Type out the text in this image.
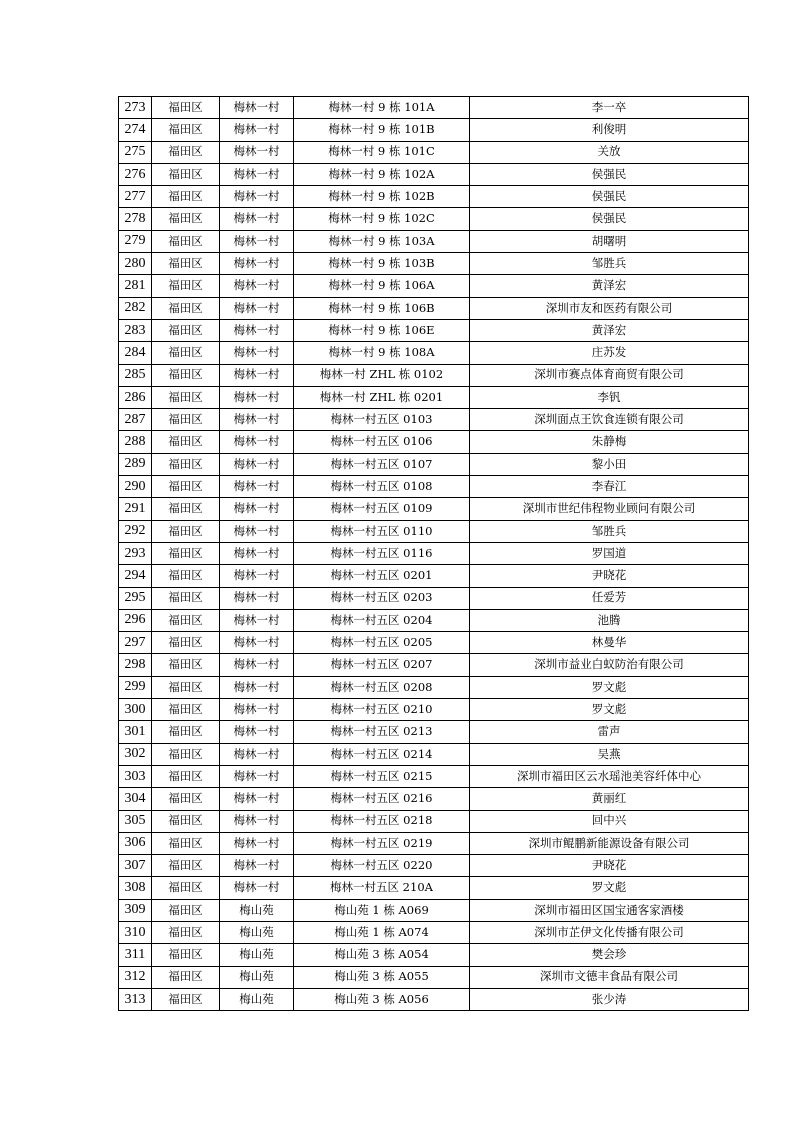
273	福田区	梅林一村	梅林一村 9 栋 101A	李一卒
274	福田区	梅林一村	梅林一村 9 栋 101B	利俊明
275	福田区	梅林一村	梅林一村 9 栋 101C	关放
276	福田区	梅林一村	梅林一村 9 栋 102A	侯强民
277	福田区	梅林一村	梅林一村 9 栋 102B	侯强民
278	福田区	梅林一村	梅林一村 9 栋 102C	侯强民
279	福田区	梅林一村	梅林一村 9 栋 103A	胡曙明
280	福田区	梅林一村	梅林一村 9 栋 103B	邹胜兵
281	福田区	梅林一村	梅林一村 9 栋 106A	黄泽宏
282	福田区	梅林一村	梅林一村 9 栋 106B	深圳市友和医药有限公司
283	福田区	梅林一村	梅林一村 9 栋 106E	黄泽宏
284	福田区	梅林一村	梅林一村 9 栋 108A	庄苏发
285	福田区	梅林一村	梅林一村 ZHL 栋 0102	深圳市赛点体育商贸有限公司
286	福田区	梅林一村	梅林一村 ZHL 栋 0201	李钒
287	福田区	梅林一村	梅林一村五区 0103	深圳面点王饮食连锁有限公司
288	福田区	梅林一村	梅林一村五区 0106	朱静梅
289	福田区	梅林一村	梅林一村五区 0107	黎小田
290	福田区	梅林一村	梅林一村五区 0108	李春江
291	福田区	梅林一村	梅林一村五区 0109	深圳市世纪伟程物业顾问有限公司
292	福田区	梅林一村	梅林一村五区 0110	邹胜兵
293	福田区	梅林一村	梅林一村五区 0116	罗国道
294	福田区	梅林一村	梅林一村五区 0201	尹晓花
295	福田区	梅林一村	梅林一村五区 0203	任爱芳
296	福田区	梅林一村	梅林一村五区 0204	池腾
297	福田区	梅林一村	梅林一村五区 0205	林曼华
298	福田区	梅林一村	梅林一村五区 0207	深圳市益业白蚁防治有限公司
299	福田区	梅林一村	梅林一村五区 0208	罗文彪
300	福田区	梅林一村	梅林一村五区 0210	罗文彪
301	福田区	梅林一村	梅林一村五区 0213	雷声
302	福田区	梅林一村	梅林一村五区 0214	吴燕
303	福田区	梅林一村	梅林一村五区 0215	深圳市福田区云水瑶池美容纤体中心
304	福田区	梅林一村	梅林一村五区 0216	黄丽红
305	福田区	梅林一村	梅林一村五区 0218	回中兴
306	福田区	梅林一村	梅林一村五区 0219	深圳市鲲鹏新能源设备有限公司
307	福田区	梅林一村	梅林一村五区 0220	尹晓花
308	福田区	梅林一村	梅林一村五区 210A	罗文彪
309	福田区	梅山苑	梅山苑 1 栋 A069	深圳市福田区国宝通客家酒楼
310	福田区	梅山苑	梅山苑 1 栋 A074	深圳市芷伊文化传播有限公司
311	福田区	梅山苑	梅山苑 3 栋 A054	樊会珍
312	福田区	梅山苑	梅山苑 3 栋 A055	深圳市文德丰食品有限公司
313	福田区	梅山苑	梅山苑 3 栋 A056	张少涛
